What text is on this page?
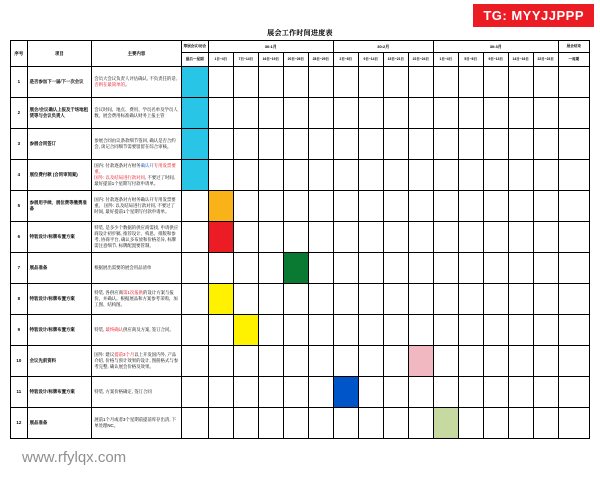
TG: MYYJJPPP
www.rfylqx.com
展会工作时间进度表
序号	项目	主要内容	筹展会议/闭会	30:1月					30:2月				30:3月					展会结束
			最后一星期	1日~4日	7日~14日	16日~19日	20日~26日	28日~29日	2日~8日	9日~14日	15日~21日	22日~24日	1日~4日	5日~8日	9日~13日	14日~16日	22日~23日	一周期
1	是否参加下一届/下一次会议	会员大会议负责人评估确认, 不负责任的话, 否则在最简单的。																
2	展会/会议确认上报及于场地租赁等与会议负责人	会议时间、地点、费用、学员名单及学员人数、展会费用标准确认财务上报主管																
3	参展合同签订	参展合同由议条款细节签回, 确认是否合约会, 谈记合同细节需要留留在综合审核。																
4	展位费付款 (合同审阅案)	国内: 付款逐条对方财务确认开专用发票要重。
国外: 以及结局进行款对同, 不要过了时间, 最好提前1个星期写付款申请单。																

5	参展用手续、展位费等缴费准备	国内: 付款逐条对方财务确认开专用发票要重。 国外: 以及结局进行款对同, 不要过了时间, 最好提前1个星期写付款申请单。																
6	特装设计/标牌布置方案	特装, 是多少个数据的供应商需找, 申请供应商设计初步稿, 推荐设计、构思、排版和参考, 协商平台, 确认多布放和价格差异, 标牌需注意细节, 标牌配置要管制。																
7	展品准备	根据展出需要的展会用品清单																
8	特装设计/标牌布置方案	特装, 各供应商第1次报供的设计方案与报价。并确认。根据展品和方案参考采购、加工图、结构图。																
9	特装设计/标牌布置方案	特装, 最终确认供应商及方案, 签订合同。																
10	会议先前资料	国外: 建议提前3个月以上开发国内外, 产品介绍, 价格与预计效果的设计, 图册格式与参考完整, 确认展会价格及效果。																
11	特装设计/标牌布置方案	特装, 方案价格确定, 签订合同																
12	展品准备	展前1个月或者3个星期前提前库存出清, 下单处理NC。																
